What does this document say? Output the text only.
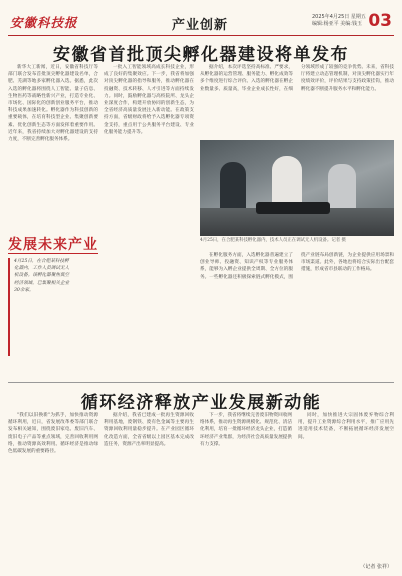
安徽科技报	产业创新
2025年4月25日 星期五
编辑:杨亚平 美编:钱玉 03
安徽省首批顶尖孵化器建设将单发布

新华大工新闻，近日，安徽省科技厅等部门联合发布首批顶尖孵化器建设名单，合肥、芜湖等地多家孵化器入选。据悉，此次入选的孵化器将围绕人工智能、量子信息、生物医药等战略性新兴产业，打造专业化、市场化、国际化的创新创业服务平台，推动科技成果加速转化。孵化器作为科技创新的重要载体，在培育科技型企业、集聚创新要素、优化创新生态等方面发挥着重要作用。近年来，我省持续加大对孵化器建设的支持力度，不断完善孵化服务体系。

一批入工智能领域高成长科技企业，形成了良好的集聚效应。下一步，我省将加强对顶尖孵化器的指导和服务，推动孵化器在投融资、技术转移、人才引进等方面持续发力。同时，鼓励孵化器与高校院所、龙头企业深度合作，构建开放协同的创新生态，为全省经济高质量发展注入新动能。在政策支持方面，省级财政将给予入选孵化器专项资金支持，重点用于公共服务平台建设、专业化服务能力提升等。

据介绍，本次评选坚持高标准、严要求，从孵化器的运营管理、服务能力、孵化成效等多个维度进行综合评价。入选的孵化器在孵企业数量多、质量高，毕业企业成长性好，在细分领域形成了较强的竞争优势。未来，省科技厅将建立动态管理机制，对顶尖孵化器实行年度绩效评价，评价结果与支持政策挂钩，推动孵化器不断提升服务水平和孵化能力。

发展未来产业
4月25日，在合肥某科技孵化器内，工作人员调试无人机设备。该孵化器聚焦低空经济领域，已集聚相关企业30余家。
4月25日，在合肥某科技孵化器内，技术人员正在调试无人机设备。记者 摄

在孵化服务方面，入选孵化器普遍建立了创业导师、投融资、知识产权等专业服务体系，能够为入孵企业提供全周期、全方位的服务。一些孵化器还积极探索链式孵化模式，围绕产业链布局创新链，为企业提供应用场景和市场渠道。此外，各地也将结合实际出台配套措施，形成省市县联动的工作格局。

循环经济释放产业发展新动能

"我们以旧换新"为抓手，加快推动资源循环利用，近日，省发展改革委等部门联合发布相关通知，围绕废旧家电、废旧汽车、废旧电子产品等重点领域，完善回收利用网络，推动资源高效利用。循环经济是推动绿色低碳发展的重要路径。

据介绍，我省已建成一批再生资源回收利用基地，废钢铁、废有色金属等主要再生资源回收利用量稳步提升。在产业园区循环化改造方面，全省省级以上园区基本完成改造任务，资源产出率明显提高。

下一步，我省将继续完善废旧物资回收网络体系，推动再生资源规模化、规范化、清洁化利用，培育一批循环经济龙头企业，打造循环经济产业集群，为经济社会高质量发展提供有力支撑。

同时，加快推进大宗固体废弃物综合利用，提升工业资源综合利用水平，推广应用先进适用技术装备，不断拓展循环经济发展空间。

（记者 张祥）
